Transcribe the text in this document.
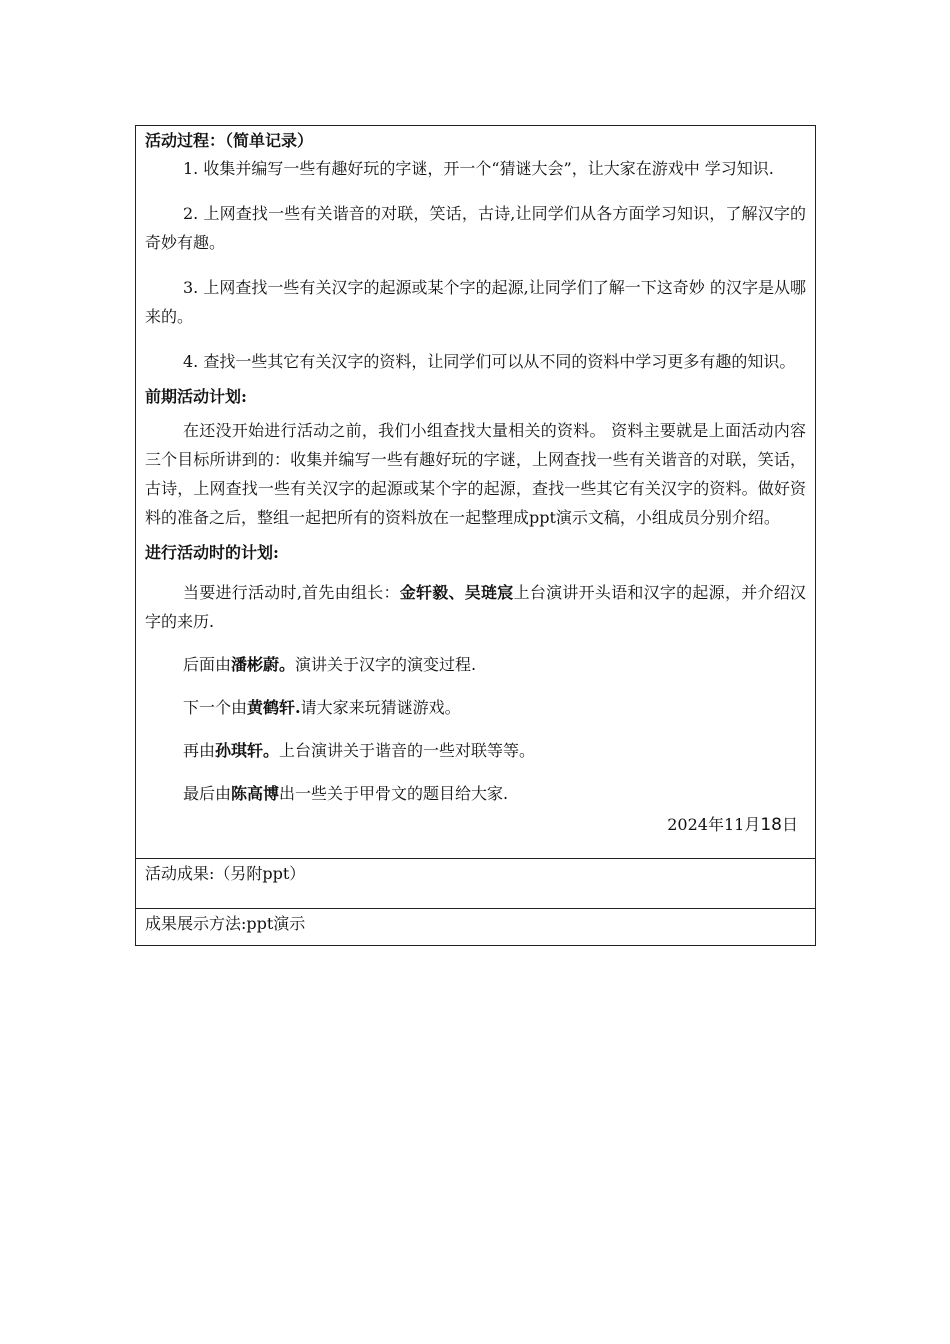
活动过程：（简单记录）

1. 收集并编写一些有趣好玩的字谜，开一个“猜谜大会”，让大家在游戏中 学习知识.

2. 上网查找一些有关谐音的对联，笑话，古诗,让同学们从各方面学习知识，了解汉字的奇妙有趣。

3. 上网查找一些有关汉字的起源或某个字的起源,让同学们了解一下这奇妙 的汉字是从哪来的。

4. 查找一些其它有关汉字的资料，让同学们可以从不同的资料中学习更多有趣的知识。

前期活动计划:

在还没开始进行活动之前，我们小组查找大量相关的资料。 资料主要就是上面活动内容三个目标所讲到的：收集并编写一些有趣好玩的字谜，上网查找一些有关谐音的对联，笑话，古诗，上网查找一些有关汉字的起源或某个字的起源，查找一些其它有关汉字的资料。做好资料的准备之后，整组一起把所有的资料放在一起整理成ppt演示文稿，小组成员分别介绍。

进行活动时的计划:

当要进行活动时,首先由组长：金轩毅、吴琏宸上台演讲开头语和汉字的起源，并介绍汉字的来历.

后面由潘彬蔚。演讲关于汉字的演变过程.

下一个由黄鹤轩.请大家来玩猜谜游戏。

再由孙琪轩。上台演讲关于谐音的一些对联等等。

最后由陈高博出一些关于甲骨文的题目给大家.

2024年11月18日
活动成果:（另附ppt）
成果展示方法:ppt演示
